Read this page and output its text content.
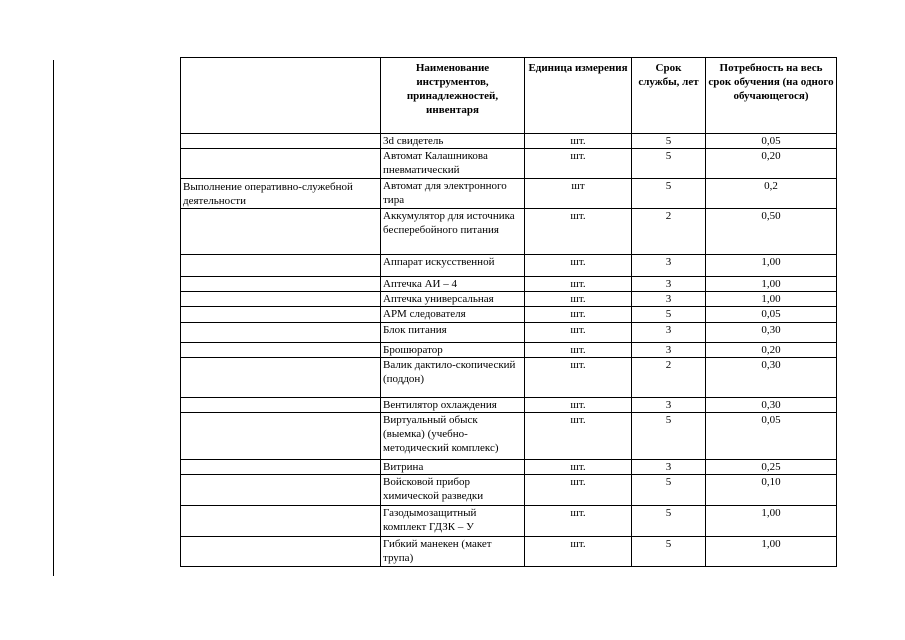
	Наименование инструментов, принадлежностей, инвентаря	Единица измерения	Срок службы, лет	Потребность на весь срок обучения (на одного обучающегося)
	3d свидетель	шт.	5	0,05
	Автомат Калашникова пневматический	шт.	5	0,20
Выполнение оперативно-служебной деятельности	Автомат для электронного тира	шт	5	0,2
	Аккумулятор для источника бесперебойного питания	шт.	2	0,50
	Аппарат искусственной	шт.	3	1,00
	Аптечка АИ – 4	шт.	3	1,00
	Аптечка универсальная	шт.	3	1,00
	АРМ следователя	шт.	5	0,05
	Блок питания	шт.	3	0,30
	Брошюратор	шт.	3	0,20
	Валик дактило-скопический (поддон)	шт.	2	0,30
	Вентилятор охлаждения	шт.	3	0,30
	Виртуальный обыск (выемка) (учебно-методический комплекс)	шт.	5	0,05
	Витрина	шт.	3	0,25
	Войсковой прибор химической разведки	шт.	5	0,10
	Газодымозащитный комплект ГДЗК – У	шт.	5	1,00
	Гибкий манекен (макет трупа)	шт.	5	1,00
